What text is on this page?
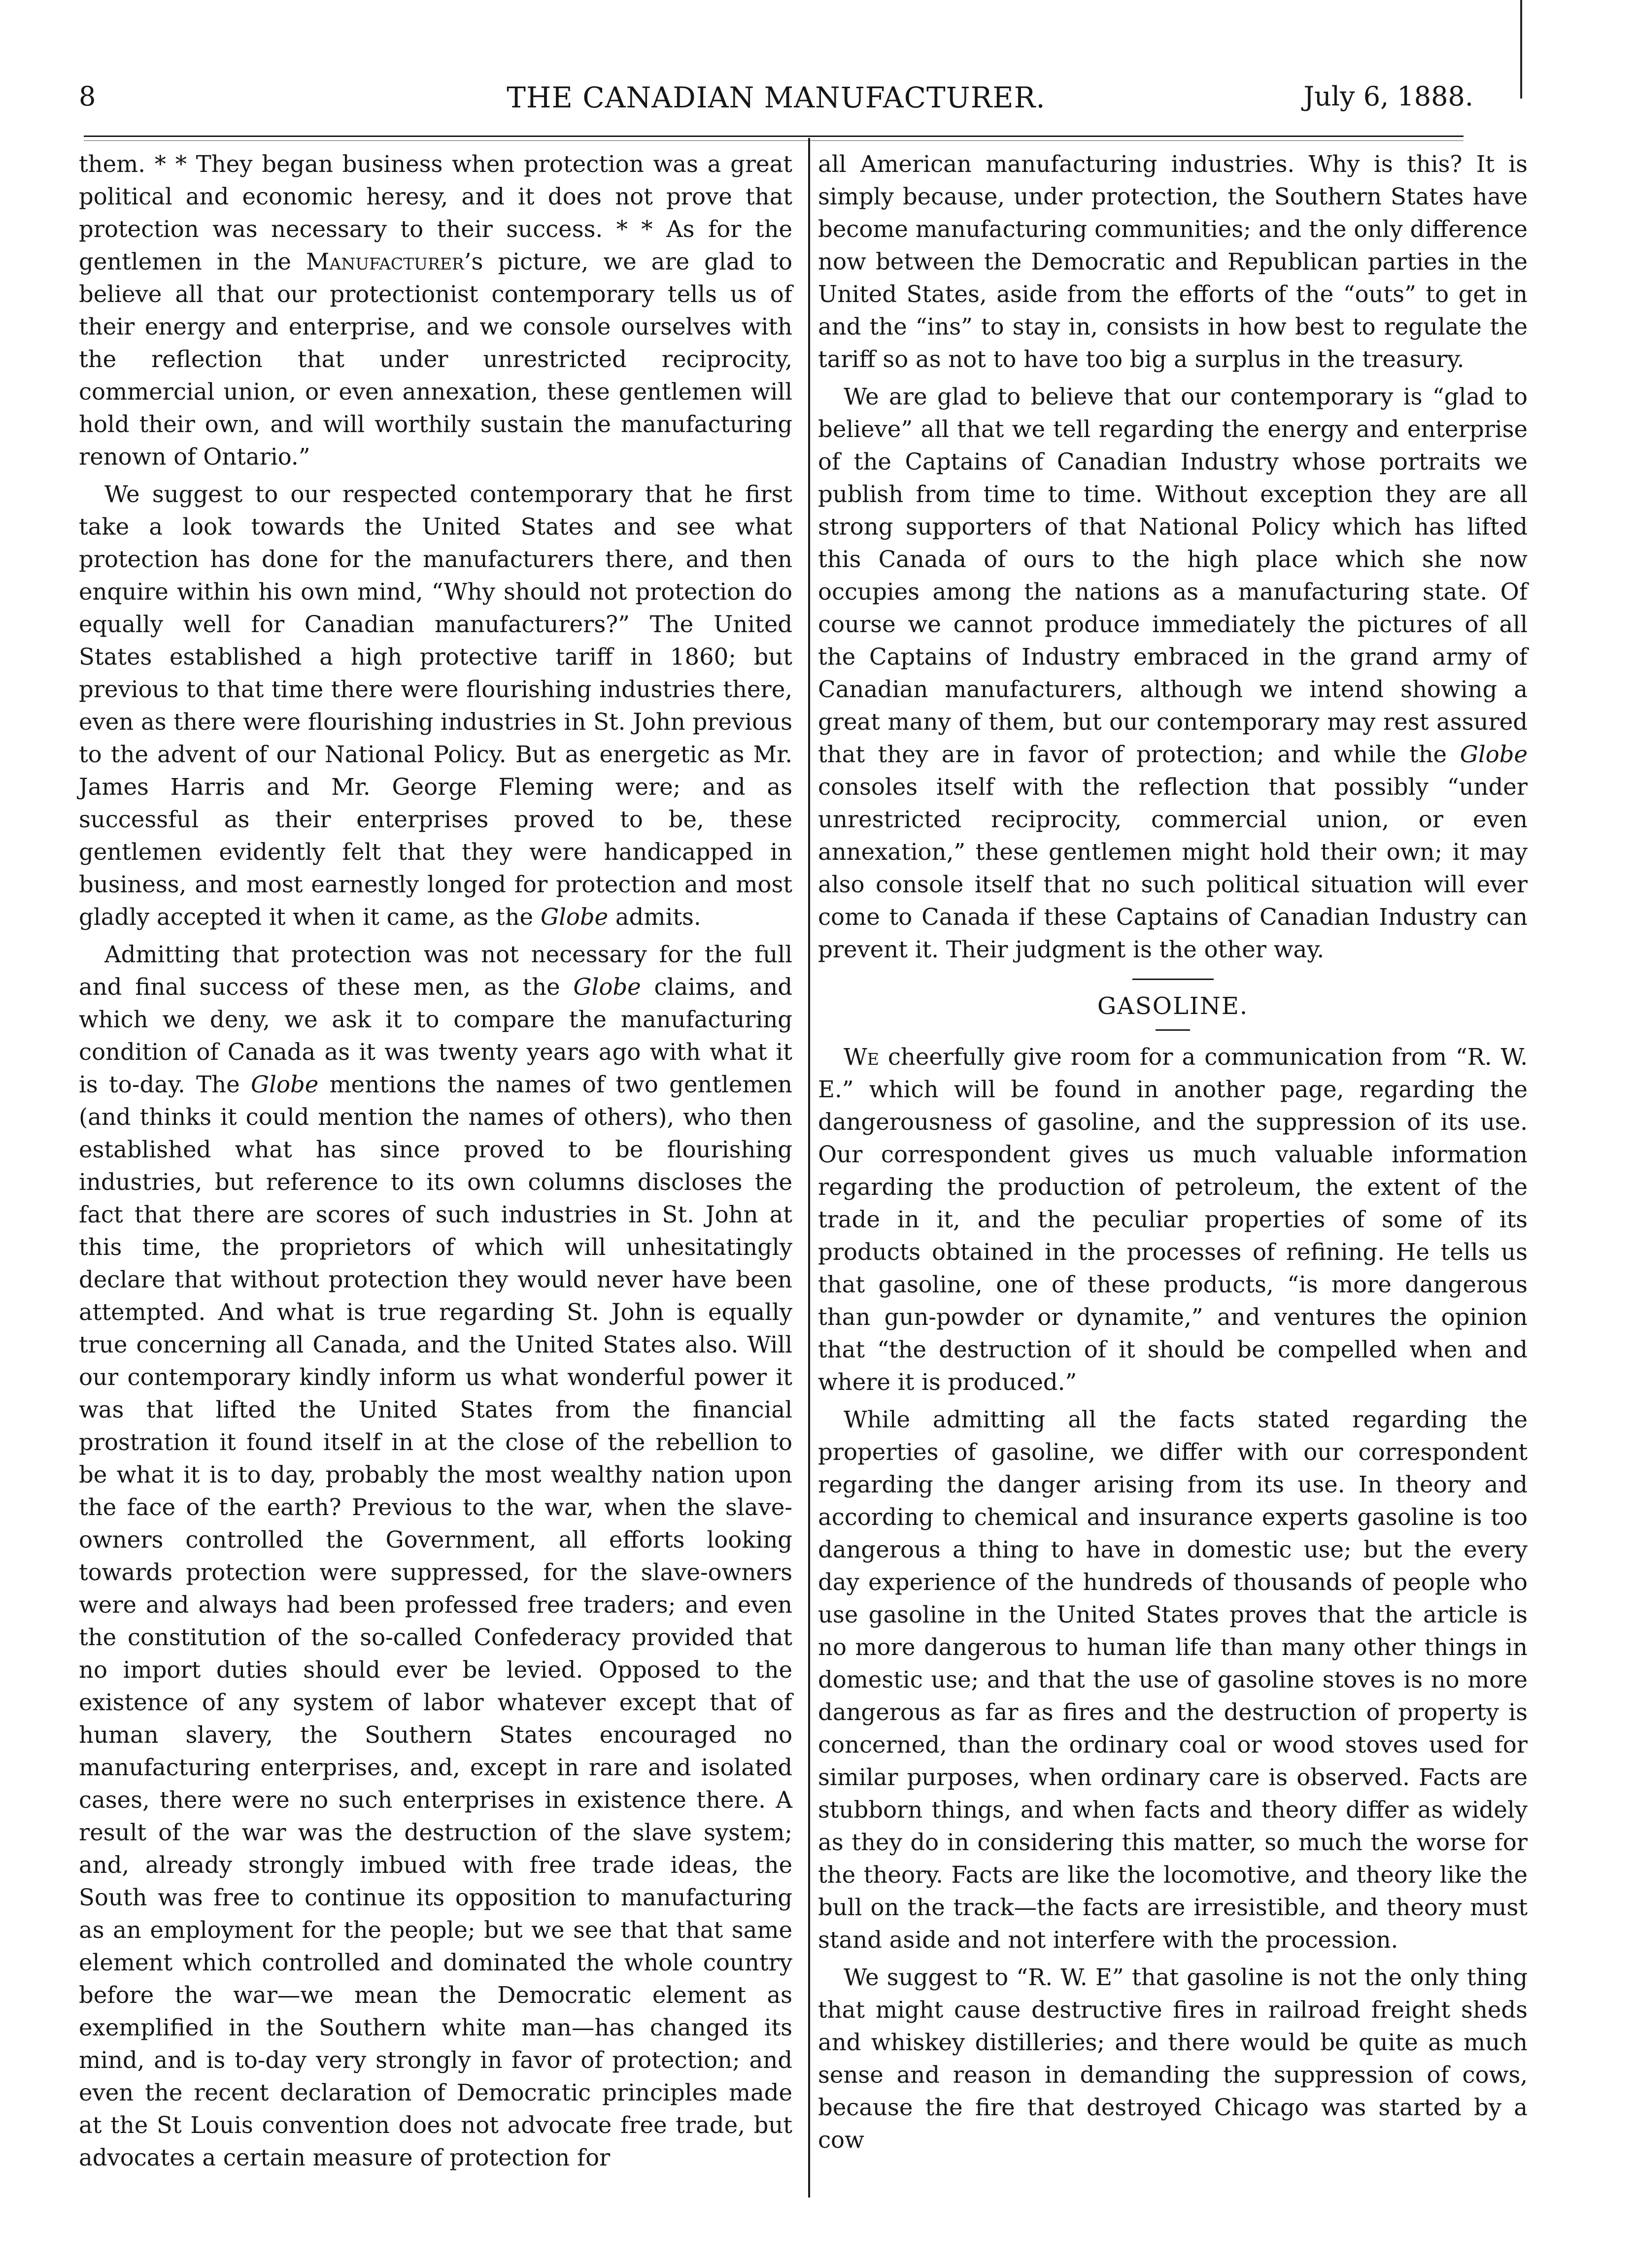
8	THE CANADIAN MANUFACTURER.	July 6, 1888.

them. * * They began business when protection was a great political and economic heresy, and it does not prove that protection was necessary to their success. * * As for the gentlemen in the Manufacturer’s picture, we are glad to believe all that our protectionist contemporary tells us of their energy and enterprise, and we console ourselves with the reflection that under unrestricted reciprocity, commercial union, or even annexation, these gentlemen will hold their own, and will worthily sustain the manufacturing renown of Ontario.”

We suggest to our respected contemporary that he first take a look towards the United States and see what protection has done for the manufacturers there, and then enquire within his own mind, “Why should not protection do equally well for Canadian manufacturers?” The United States established a high protective tariff in 1860; but previous to that time there were flourishing industries there, even as there were flourishing industries in St. John previous to the advent of our National Policy. But as energetic as Mr. James Harris and Mr. George Fleming were; and as successful as their enterprises proved to be, these gentlemen evidently felt that they were handicapped in business, and most earnestly longed for protection and most gladly accepted it when it came, as the Globe admits.

Admitting that protection was not necessary for the full and final success of these men, as the Globe claims, and which we deny, we ask it to compare the manufacturing condition of Canada as it was twenty years ago with what it is to-day. The Globe mentions the names of two gentlemen (and thinks it could mention the names of others), who then established what has since proved to be flourishing industries, but reference to its own columns discloses the fact that there are scores of such industries in St. John at this time, the proprietors of which will unhesitatingly declare that without protection they would never have been attempted. And what is true regarding St. John is equally true concerning all Canada, and the United States also. Will our contemporary kindly inform us what wonderful power it was that lifted the United States from the financial prostration it found itself in at the close of the rebellion to be what it is to day, probably the most wealthy nation upon the face of the earth? Previous to the war, when the slave-owners controlled the Government, all efforts looking towards protection were suppressed, for the slave-owners were and always had been professed free traders; and even the constitution of the so-called Confederacy provided that no import duties should ever be levied. Opposed to the existence of any system of labor whatever except that of human slavery, the Southern States encouraged no manufacturing enterprises, and, except in rare and isolated cases, there were no such enterprises in existence there. A result of the war was the destruction of the slave system; and, already strongly imbued with free trade ideas, the South was free to continue its opposition to manufacturing as an employment for the people; but we see that that same element which controlled and dominated the whole country before the war—we mean the Democratic element as exemplified in the Southern white man—has changed its mind, and is to-day very strongly in favor of protection; and even the recent declaration of Democratic principles made at the St Louis convention does not advocate free trade, but advocates a certain measure of protection for

all American manufacturing industries. Why is this? It is simply because, under protection, the Southern States have become manufacturing communities; and the only difference now between the Democratic and Republican parties in the United States, aside from the efforts of the “outs” to get in and the “ins” to stay in, consists in how best to regulate the tariff so as not to have too big a surplus in the treasury.

We are glad to believe that our contemporary is “glad to believe” all that we tell regarding the energy and enterprise of the Captains of Canadian Industry whose portraits we publish from time to time. Without exception they are all strong supporters of that National Policy which has lifted this Canada of ours to the high place which she now occupies among the nations as a manufacturing state. Of course we cannot produce immediately the pictures of all the Captains of Industry embraced in the grand army of Canadian manufacturers, although we intend showing a great many of them, but our contemporary may rest assured that they are in favor of protection; and while the Globe consoles itself with the reflection that possibly “under unrestricted reciprocity, commercial union, or even annexation,” these gentlemen might hold their own; it may also console itself that no such political situation will ever come to Canada if these Captains of Canadian Industry can prevent it. Their judgment is the other way.

GASOLINE.

We cheerfully give room for a communication from “R. W. E.” which will be found in another page, regarding the dangerousness of gasoline, and the suppression of its use. Our correspondent gives us much valuable information regarding the production of petroleum, the extent of the trade in it, and the peculiar properties of some of its products obtained in the processes of refining. He tells us that gasoline, one of these products, “is more dangerous than gun-powder or dynamite,” and ventures the opinion that “the destruction of it should be compelled when and where it is produced.”

While admitting all the facts stated regarding the properties of gasoline, we differ with our correspondent regarding the danger arising from its use. In theory and according to chemical and insurance experts gasoline is too dangerous a thing to have in domestic use; but the every day experience of the hundreds of thousands of people who use gasoline in the United States proves that the article is no more dangerous to human life than many other things in domestic use; and that the use of gasoline stoves is no more dangerous as far as fires and the destruction of property is concerned, than the ordinary coal or wood stoves used for similar purposes, when ordinary care is observed. Facts are stubborn things, and when facts and theory differ as widely as they do in considering this matter, so much the worse for the theory. Facts are like the locomotive, and theory like the bull on the track—the facts are irresistible, and theory must stand aside and not interfere with the procession.

We suggest to “R. W. E” that gasoline is not the only thing that might cause destructive fires in railroad freight sheds and whiskey distilleries; and there would be quite as much sense and reason in demanding the suppression of cows, because the fire that destroyed Chicago was started by a cow
